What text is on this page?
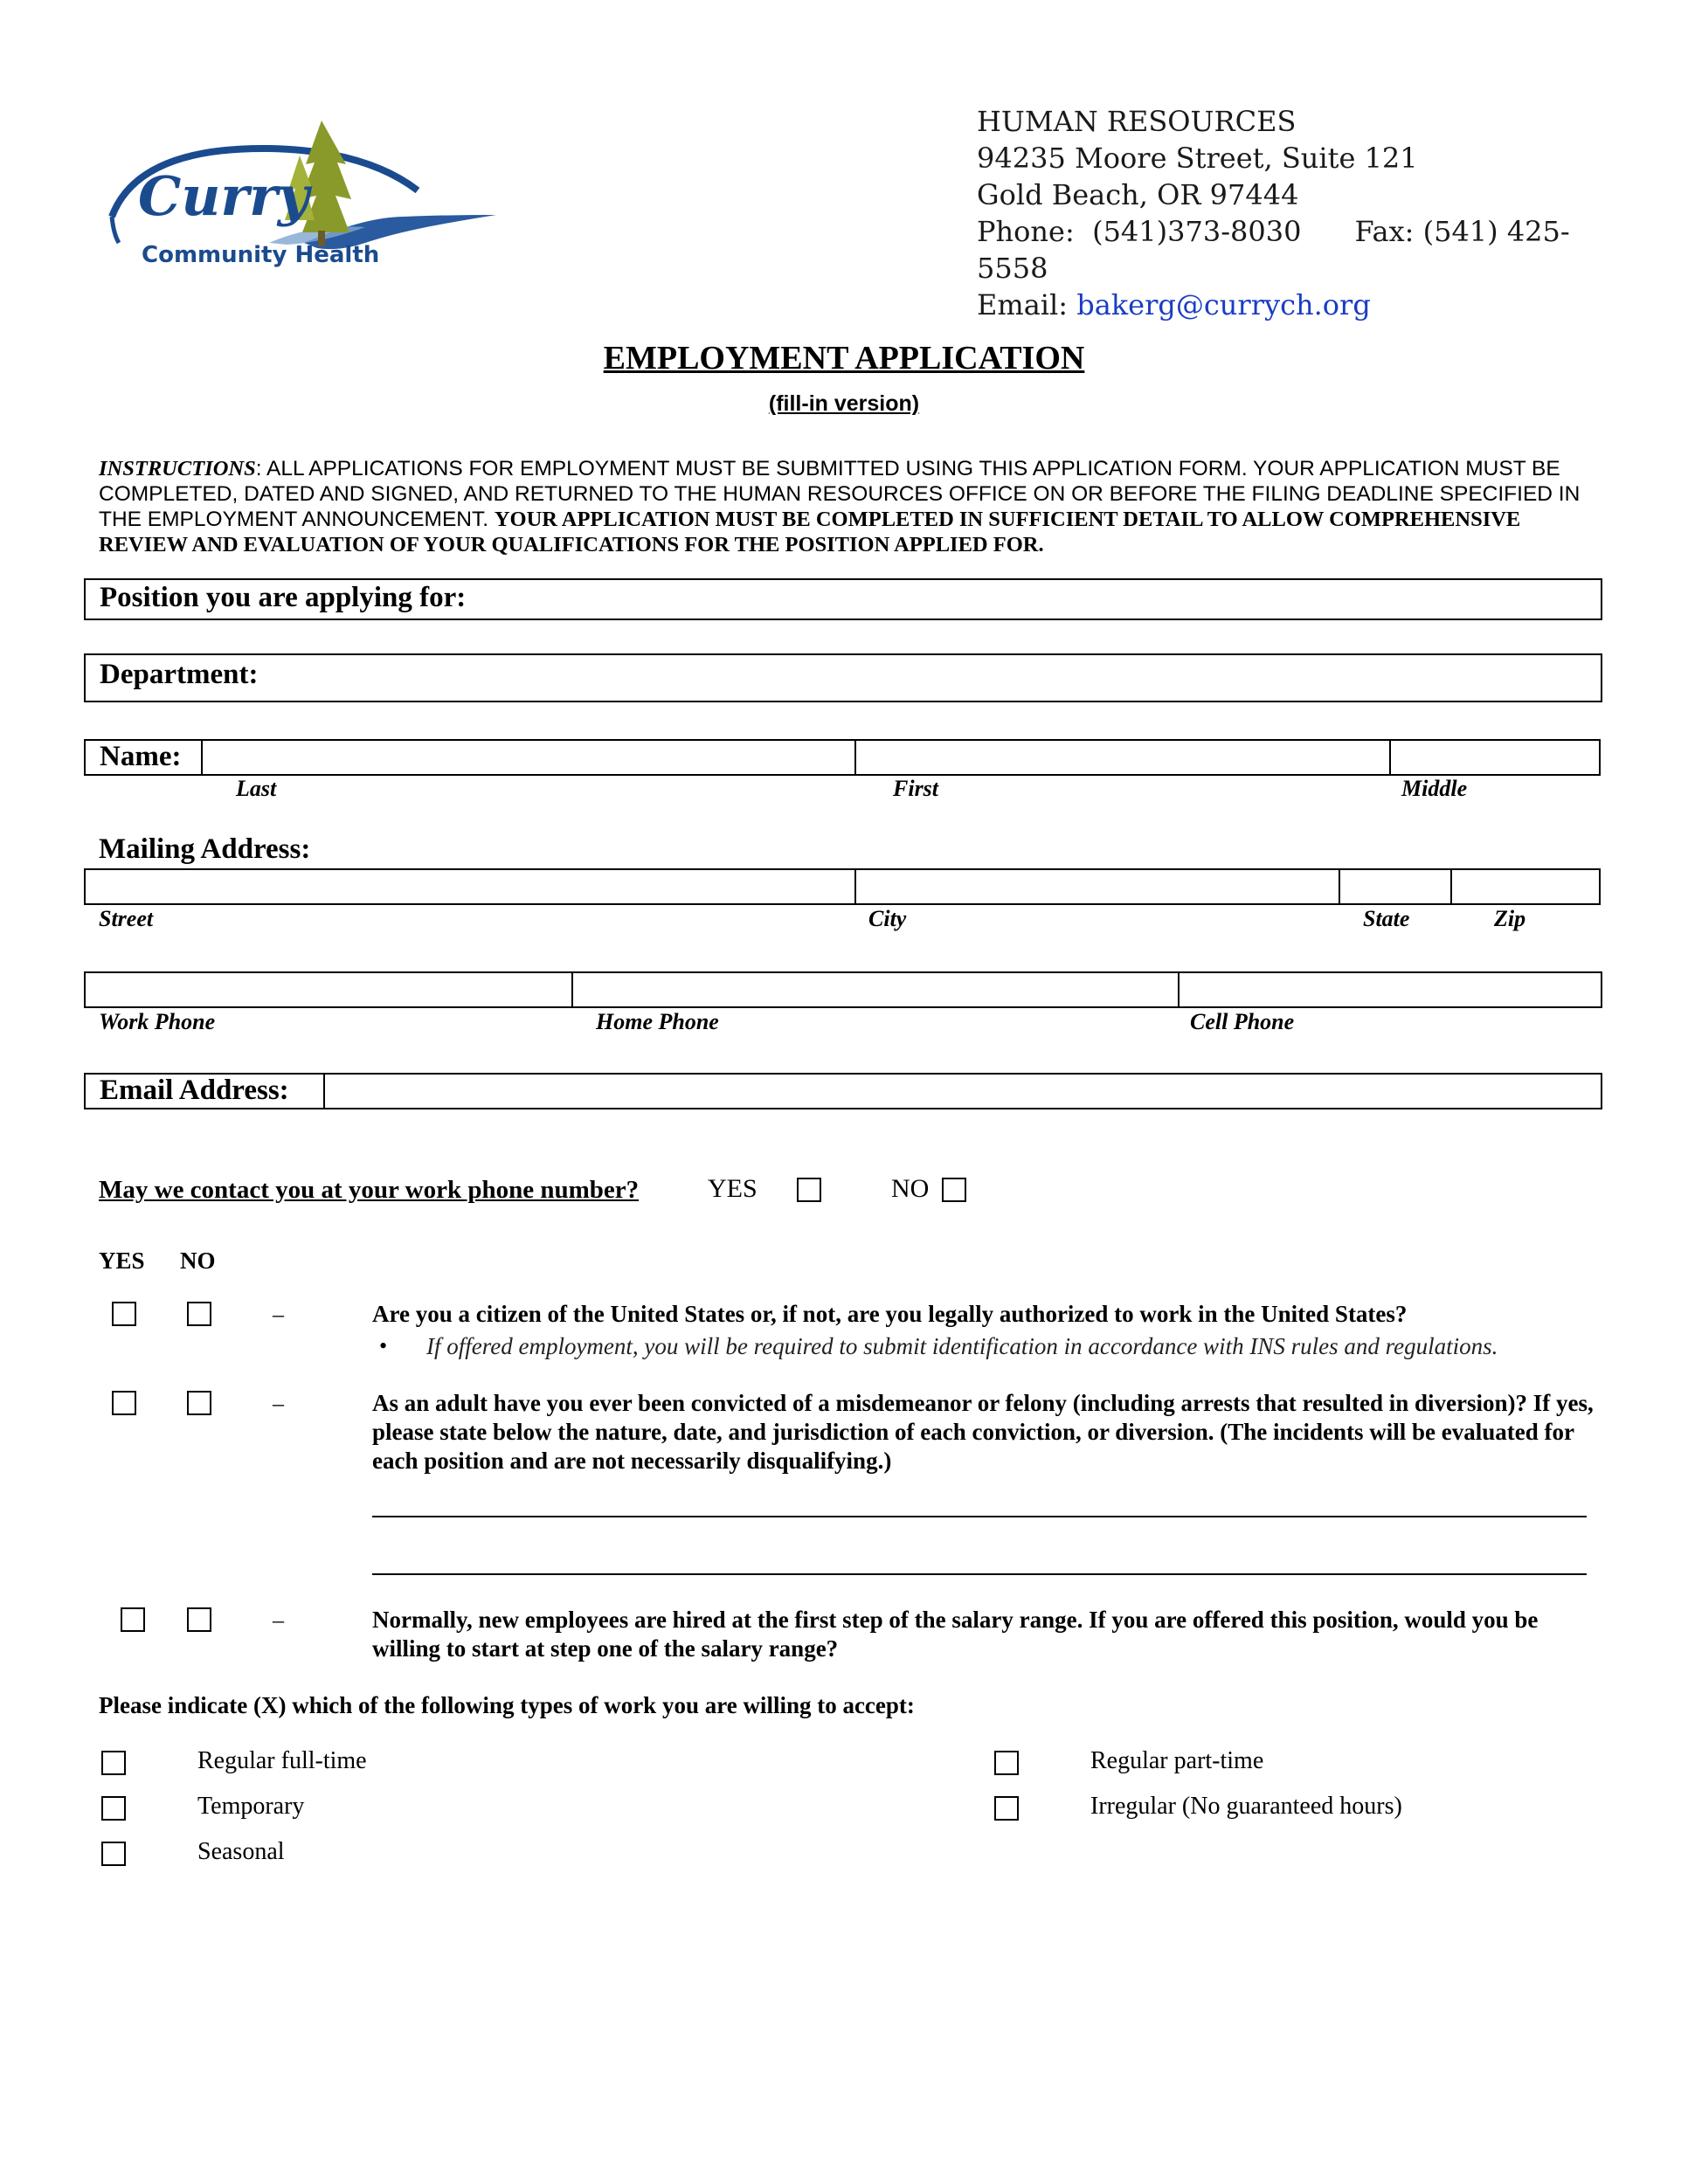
Curry
Community Health
HUMAN RESOURCES
94235 Moore Street, Suite 121
Gold Beach, OR 97444
Phone: (541)373-8030 Fax: (541) 425-
5558
Email: bakerg@currych.org
EMPLOYMENT APPLICATION
(fill-in version)
INSTRUCTIONS: ALL APPLICATIONS FOR EMPLOYMENT MUST BE SUBMITTED USING THIS APPLICATION FORM. YOUR APPLICATION MUST BE COMPLETED, DATED AND SIGNED, AND RETURNED TO THE HUMAN RESOURCES OFFICE ON OR BEFORE THE FILING DEADLINE SPECIFIED IN THE EMPLOYMENT ANNOUNCEMENT. YOUR APPLICATION MUST BE COMPLETED IN SUFFICIENT DETAIL TO ALLOW COMPREHENSIVE REVIEW AND EVALUATION OF YOUR QUALIFICATIONS FOR THE POSITION APPLIED FOR.
Position you are applying for:
Department:
Name:
Last	First	Middle
Mailing Address:
Street	City	State	Zip
Work Phone	Home Phone	Cell Phone
Email Address:
May we contact you at your work phone number?	YES	NO
YES NO
–	Are you a citizen of the United States or, if not, are you legally authorized to work in the United States?
• If offered employment, you will be required to submit identification in accordance with INS rules and regulations.
–	As an adult have you ever been convicted of a misdemeanor or felony (including arrests that resulted in diversion)? If yes, please state below the nature, date, and jurisdiction of each conviction, or diversion. (The incidents will be evaluated for each position and are not necessarily disqualifying.)
–	Normally, new employees are hired at the first step of the salary range. If you are offered this position, would you be willing to start at step one of the salary range?
Please indicate (X) which of the following types of work you are willing to accept:
Regular full-time
Temporary
Seasonal
Regular part-time
Irregular (No guaranteed hours)
